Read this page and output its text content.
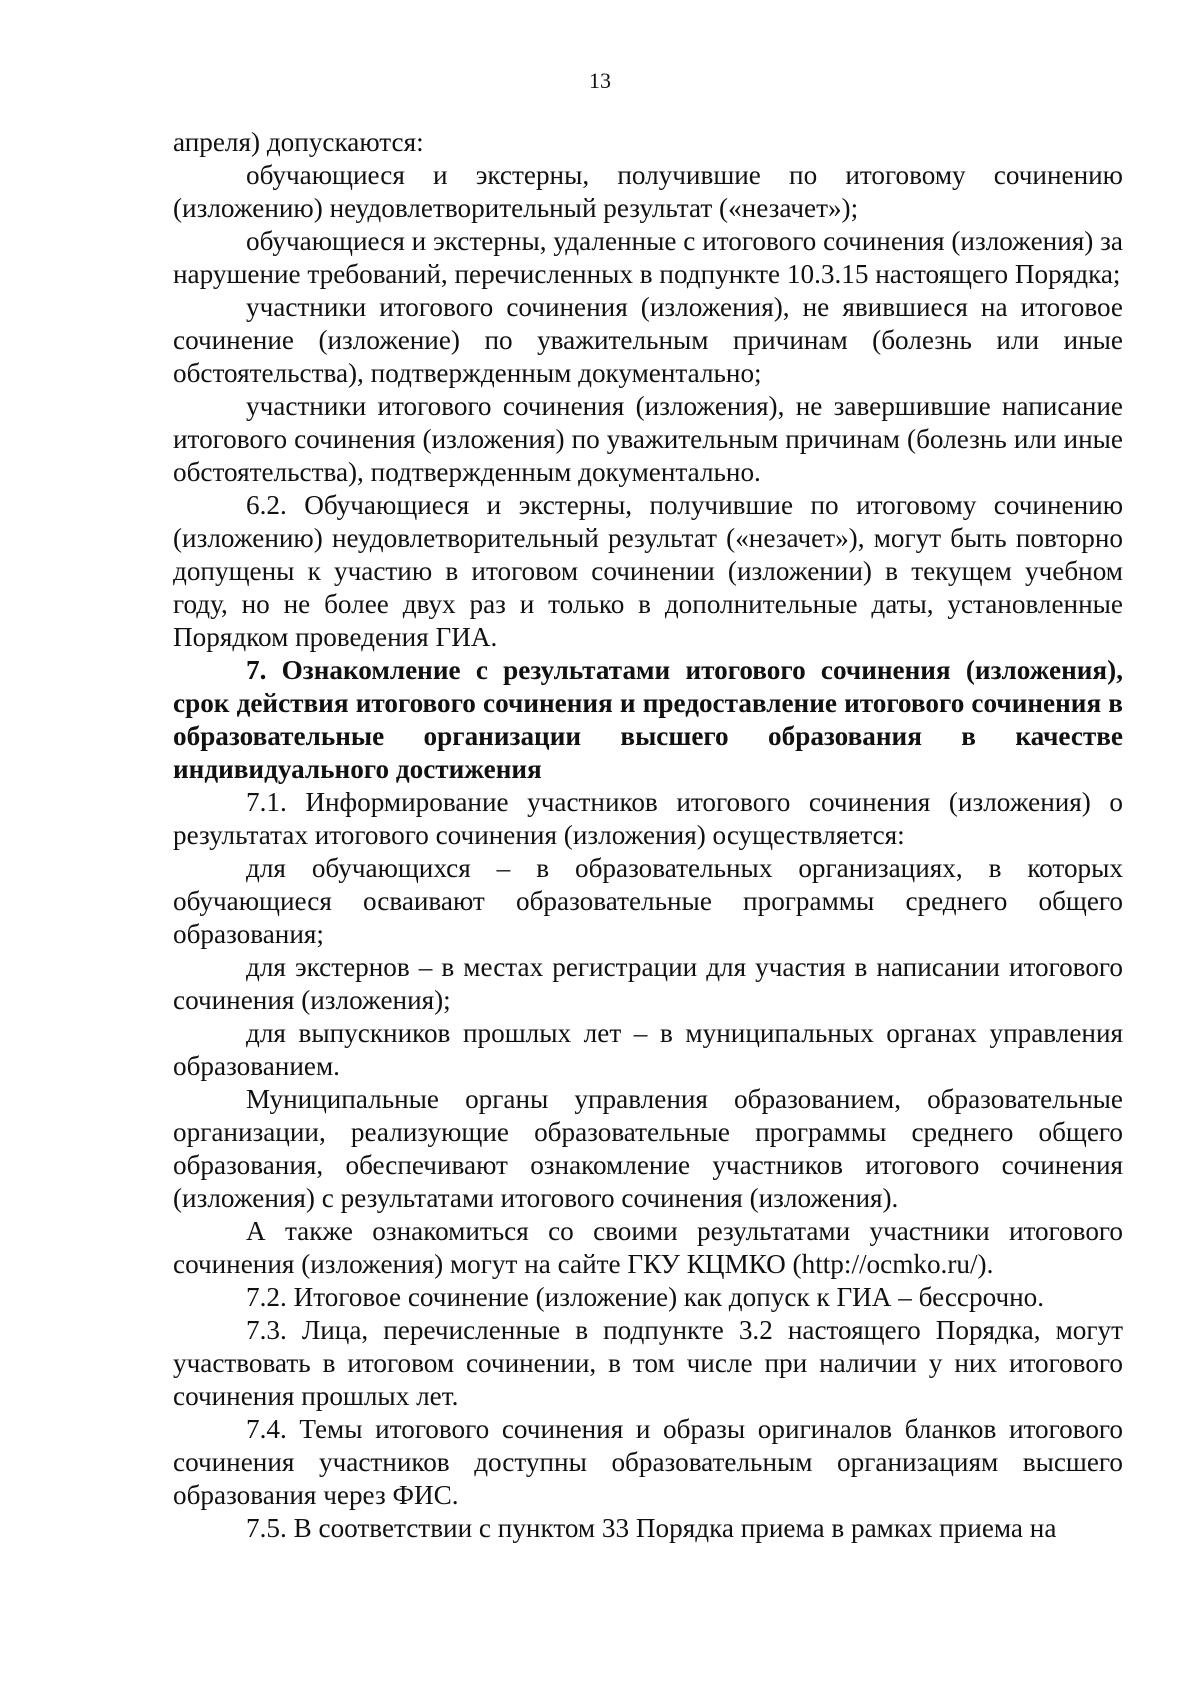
13

апреля) допускаются:

обучающиеся и экстерны, получившие по итоговому сочинению (изложению) неудовлетворительный результат («незачет»);

обучающиеся и экстерны, удаленные с итогового сочинения (изложения) за нарушение требований, перечисленных в подпункте 10.3.15 настоящего Порядка;

участники итогового сочинения (изложения), не явившиеся на итоговое сочинение (изложение) по уважительным причинам (болезнь или иные обстоятельства), подтвержденным документально;

участники итогового сочинения (изложения), не завершившие написание итогового сочинения (изложения) по уважительным причинам (болезнь или иные обстоятельства), подтвержденным документально.

6.2. Обучающиеся и экстерны, получившие по итоговому сочинению (изложению) неудовлетворительный результат («незачет»), могут быть повторно допущены к участию в итоговом сочинении (изложении) в текущем учебном году, но не более двух раз и только в дополнительные даты, установленные Порядком проведения ГИА.

7. Ознакомление с результатами итогового сочинения (изложения), срок действия итогового сочинения и предоставление итогового сочинения в образовательные организации высшего образования в качестве индивидуального достижения

7.1. Информирование участников итогового сочинения (изложения) о результатах итогового сочинения (изложения) осуществляется:

для обучающихся – в образовательных организациях, в которых обучающиеся осваивают образовательные программы среднего общего образования;

для экстернов – в местах регистрации для участия в написании итогового сочинения (изложения);

для выпускников прошлых лет – в муниципальных органах управления образованием.

Муниципальные органы управления образованием, образовательные организации, реализующие образовательные программы среднего общего образования, обеспечивают ознакомление участников итогового сочинения (изложения) с результатами итогового сочинения (изложения).

А также ознакомиться со своими результатами участники итогового сочинения (изложения) могут на сайте ГКУ КЦМКО (http://ocmko.ru/).

7.2. Итоговое сочинение (изложение) как допуск к ГИА – бессрочно.

7.3. Лица, перечисленные в подпункте 3.2 настоящего Порядка, могут участвовать в итоговом сочинении, в том числе при наличии у них итогового сочинения прошлых лет.

7.4. Темы итогового сочинения и образы оригиналов бланков итогового сочинения участников доступны образовательным организациям высшего образования через ФИС.

7.5. В соответствии с пунктом 33 Порядка приема в рамках приема на
